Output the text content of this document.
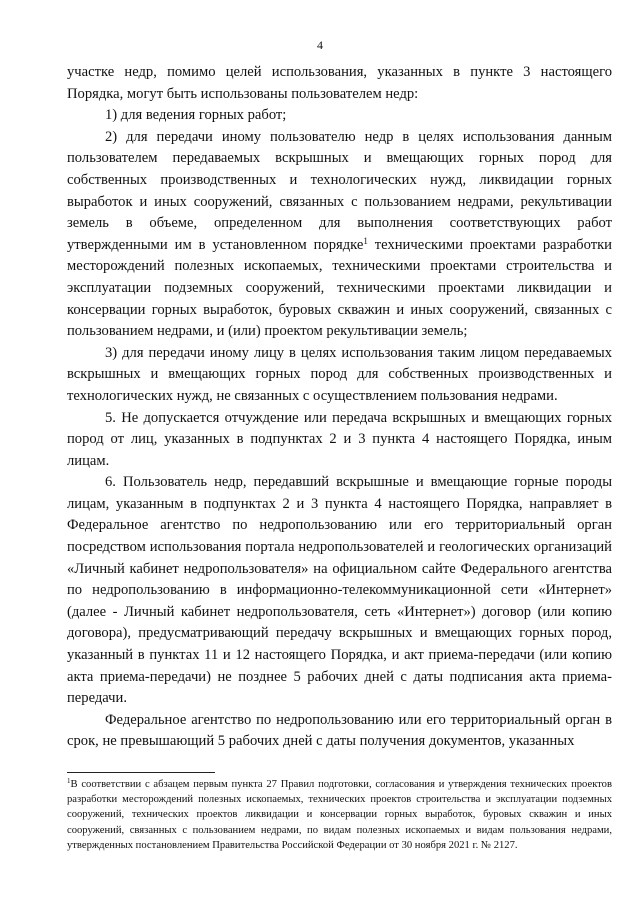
4

участке недр, помимо целей использования, указанных в пункте 3 настоящего Порядка, могут быть использованы пользователем недр:

1) для ведения горных работ;

2) для передачи иному пользователю недр в целях использования данным пользователем передаваемых вскрышных и вмещающих горных пород для собственных производственных и технологических нужд, ликвидации горных выработок и иных сооружений, связанных с пользованием недрами, рекультивации земель в объеме, определенном для выполнения соответствующих работ утвержденными им в установленном порядке$^1$ техническими проектами разработки месторождений полезных ископаемых, техническими проектами строительства и эксплуатации подземных сооружений, техническими проектами ликвидации и консервации горных выработок, буровых скважин и иных сооружений, связанных с пользованием недрами, и (или) проектом рекультивации земель;

3) для передачи иному лицу в целях использования таким лицом передаваемых вскрышных и вмещающих горных пород для собственных производственных и технологических нужд, не связанных с осуществлением пользования недрами.

5. Не допускается отчуждение или передача вскрышных и вмещающих горных пород от лиц, указанных в подпунктах 2 и 3 пункта 4 настоящего Порядка, иным лицам.

6. Пользователь недр, передавший вскрышные и вмещающие горные породы лицам, указанным в подпунктах 2 и 3 пункта 4 настоящего Порядка, направляет в Федеральное агентство по недропользованию или его территориальный орган посредством использования портала недропользователей и геологических организаций «Личный кабинет недропользователя» на официальном сайте Федерального агентства по недропользованию в информационно-телекоммуникационной сети «Интернет» (далее - Личный кабинет недропользователя, сеть «Интернет») договор (или копию договора), предусматривающий передачу вскрышных и вмещающих горных пород, указанный в пунктах 11 и 12 настоящего Порядка, и акт приема-передачи (или копию акта приема-передачи) не позднее 5 рабочих дней с даты подписания акта приема-передачи.

Федеральное агентство по недропользованию или его территориальный орган в срок, не превышающий 5 рабочих дней с даты получения документов, указанных

$^1$В соответствии с абзацем первым пункта 27 Правил подготовки, согласования и утверждения технических проектов разработки месторождений полезных ископаемых, технических проектов строительства и эксплуатации подземных сооружений, технических проектов ликвидации и консервации горных выработок, буровых скважин и иных сооружений, связанных с пользованием недрами, по видам полезных ископаемых и видам пользования недрами, утвержденных постановлением Правительства Российской Федерации от 30 ноября 2021 г. № 2127.
